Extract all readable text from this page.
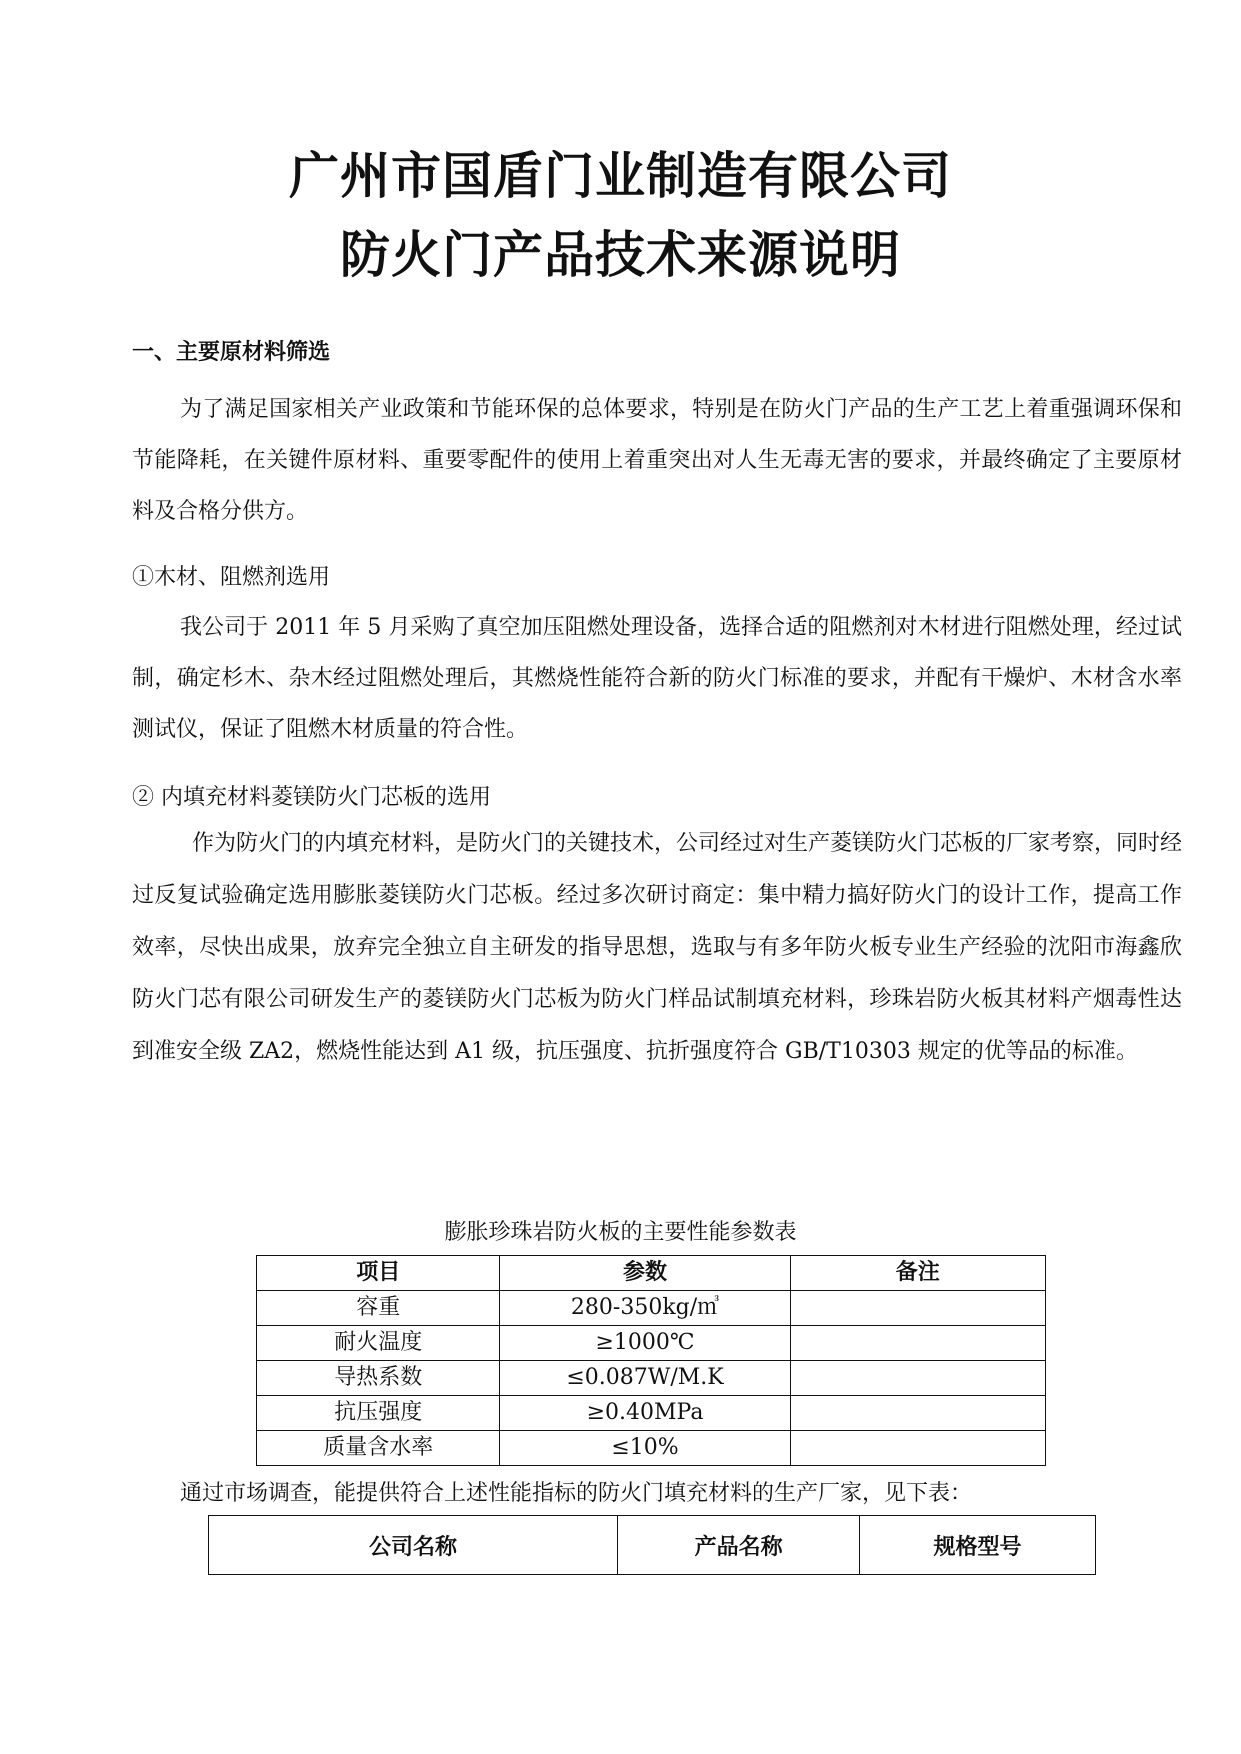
广州市国盾门业制造有限公司
防火门产品技术来源说明
一、主要原材料筛选

为了满足国家相关产业政策和节能环保的总体要求，特别是在防火门产品的生产工艺上着重强调环保和节能降耗，在关键件原材料、重要零配件的使用上着重突出对人生无毒无害的要求，并最终确定了主要原材料及合格分供方。

①木材、阻燃剂选用

我公司于 2011 年 5 月采购了真空加压阻燃处理设备，选择合适的阻燃剂对木材进行阻燃处理，经过试制，确定杉木、杂木经过阻燃处理后，其燃烧性能符合新的防火门标准的要求，并配有干燥炉、木材含水率测试仪，保证了阻燃木材质量的符合性。

② 内填充材料菱镁防火门芯板的选用

作为防火门的内填充材料，是防火门的关键技术，公司经过对生产菱镁防火门芯板的厂家考察，同时经过反复试验确定选用膨胀菱镁防火门芯板。经过多次研讨商定：集中精力搞好防火门的设计工作，提高工作效率，尽快出成果，放弃完全独立自主研发的指导思想，选取与有多年防火板专业生产经验的沈阳市海鑫欣防火门芯有限公司研发生产的菱镁防火门芯板为防火门样品试制填充材料，珍珠岩防火板其材料产烟毒性达到准安全级 ZA2，燃烧性能达到 A1 级，抗压强度、抗折强度符合 GB/T10303 规定的优等品的标准。

膨胀珍珠岩防火板的主要性能参数表
项目	参数	备注
容重	280-350kg/㎥	
耐火温度	≥1000℃	
导热系数	≤0.087W/M.K	
抗压强度	≥0.40MPa	
质量含水率	≤10%	
通过市场调查，能提供符合上述性能指标的防火门填充材料的生产厂家，见下表：
公司名称	产品名称	规格型号
